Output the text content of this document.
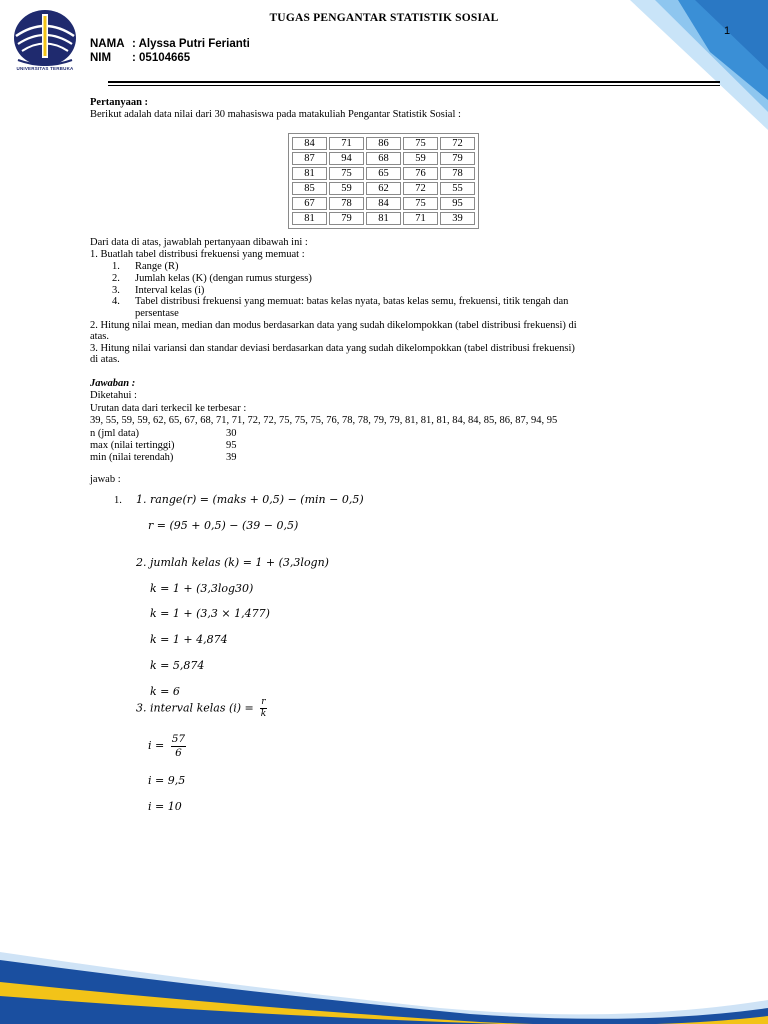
UNIVERSITAS TERBUKA
TUGAS PENGANTAR STATISTIK SOSIAL
1
NAMA : Alyssa Putri Ferianti
NIM : 05104665
Pertanyaan :
Berikut adalah data nilai dari 30 mahasiswa pada matakuliah Pengantar Statistik Sosial :
84	71	86	75	72
87	94	68	59	79
81	75	65	76	78
85	59	62	72	55
67	78	84	75	95
81	79	81	71	39
Dari data di atas, jawablah pertanyaan dibawah ini :
1. Buatlah tabel distribusi frekuensi yang memuat :
1. Range (R)
2. Jumlah kelas (K) (dengan rumus sturgess)
3. Interval kelas (i)
4. Tabel distribusi frekuensi yang memuat: batas kelas nyata, batas kelas semu, frekuensi, titik tengah dan
persentase
2. Hitung nilai mean, median dan modus berdasarkan data yang sudah dikelompokkan (tabel distribusi frekuensi) di
atas.
3. Hitung nilai variansi dan standar deviasi berdasarkan data yang sudah dikelompokkan (tabel distribusi frekuensi)
di atas.
Jawaban :
Diketahui :
Urutan data dari terkecil ke terbesar :
39, 55, 59, 59, 62, 65, 67, 68, 71, 71, 72, 72, 75, 75, 75, 76, 78, 78, 79, 79, 81, 81, 81, 84, 84, 85, 86, 87, 94, 95
n (jml data)	30
max (nilai tertinggi)	95
min (nilai terendah)	39
jawab :
1. 1. range(r) = (maks + 0,5) − (min − 0,5)
r = (95 + 0,5) − (39 − 0,5)
2. jumlah kelas (k) = 1 + (3,3logn)
k = 1 + (3,3log30)
k = 1 + (3,3 × 1,477)
k = 1 + 4,874
k = 5,874
k = 6
3. interval kelas $(i) = \frac{r}{k}$
$i = \frac{57}{6}$
i = 9,5
i = 10
